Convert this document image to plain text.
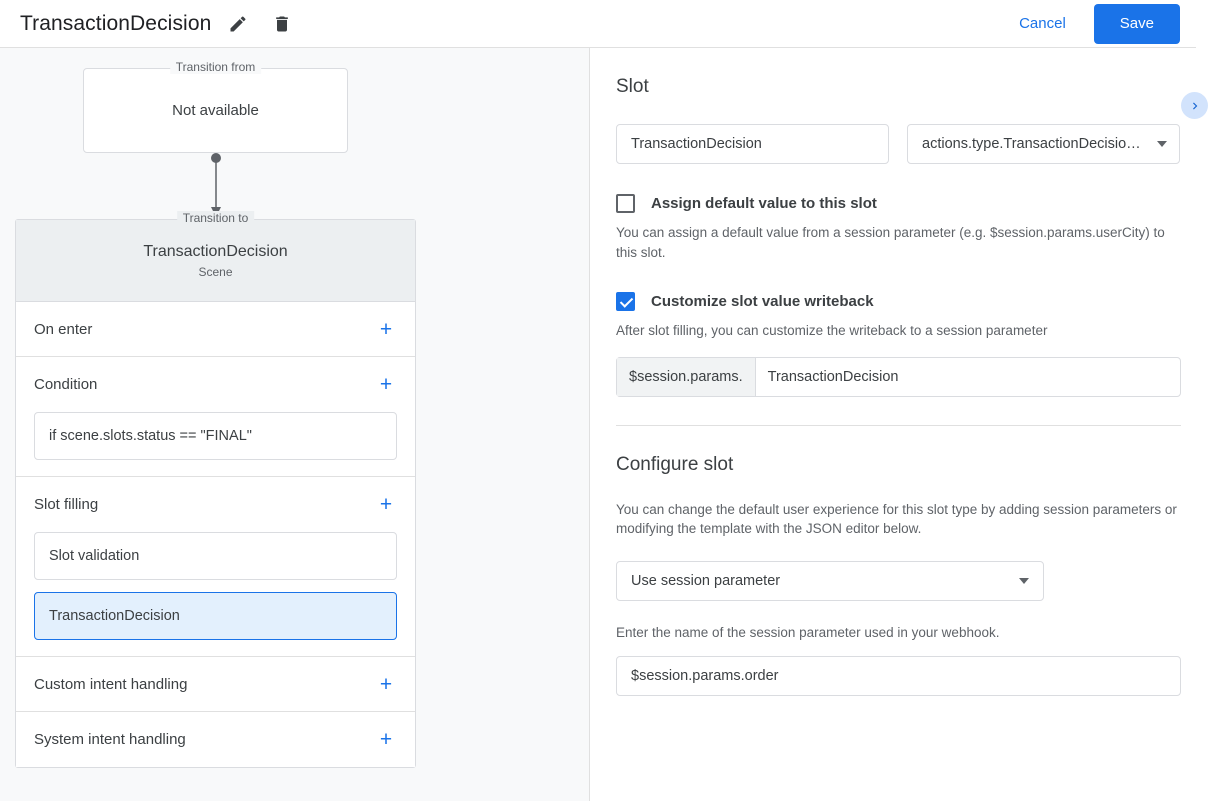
TransactionDecision	Cancel	Save
Transition from
Not available
Transition to
TransactionDecision
Scene
On enter	+
Condition	+
if scene.slots.status == "FINAL"
Slot filling	+
Slot validation
TransactionDecision
Custom intent handling	+
System intent handling	+
Slot
TransactionDecision	actions.type.TransactionDecisio…
Assign default value to this slot
You can assign a default value from a session parameter (e.g. $session.params.userCity) to this slot.
Customize slot value writeback
After slot filling, you can customize the writeback to a session parameter
$session.params.	TransactionDecision
Configure slot
You can change the default user experience for this slot type by adding session parameters or modifying the template with the JSON editor below.
Use session parameter
Enter the name of the session parameter used in your webhook.
$session.params.order
